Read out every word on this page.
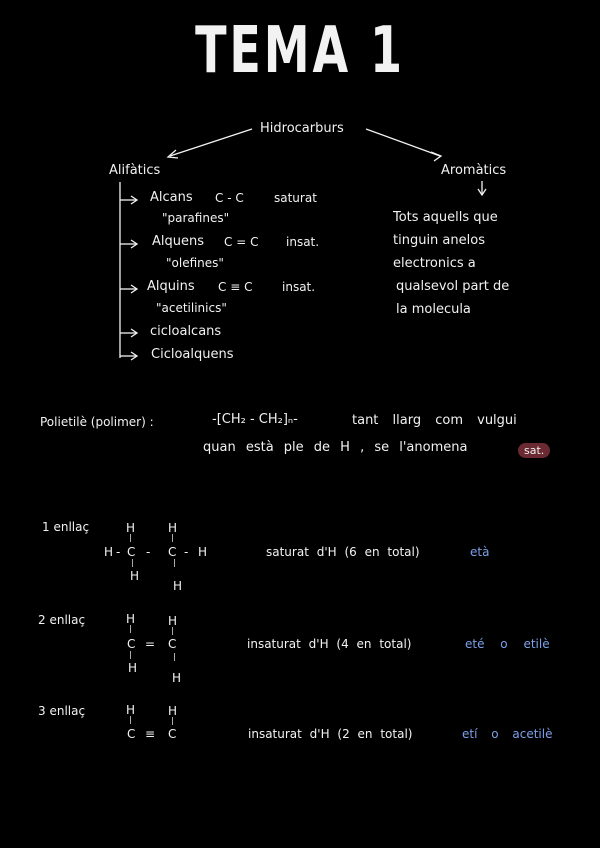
TEMA 1
Hidrocarburs
Alifàtics	Aromàtics
Alcans C - C	saturat
"parafines"
Alquens C = C insat.
"olefines"
Alquins C ≡ C insat.
"acetilinics"
cicloalcans
Cicloalquens
Tots aquells que
tinguin anelos
electronics a
qualsevol part de
la molecula
Polietilè (polimer) :	-[CH₂ - CH₂]ₙ-	tant llarg com vulgui
quan està ple de H , se l'anomena	sat.
1 enllaç	H	H
|	|
H - C - C - H
|	|
H
H
saturat d'H (6 en total)	età
2 enllaç	H	H
|	|
C = C
|	|
H
H
insaturat d'H (4 en total)	eté o etilè
3 enllaç	H	H
|	|
C ≡ C	insaturat d'H (2 en total)	etí o acetilè
